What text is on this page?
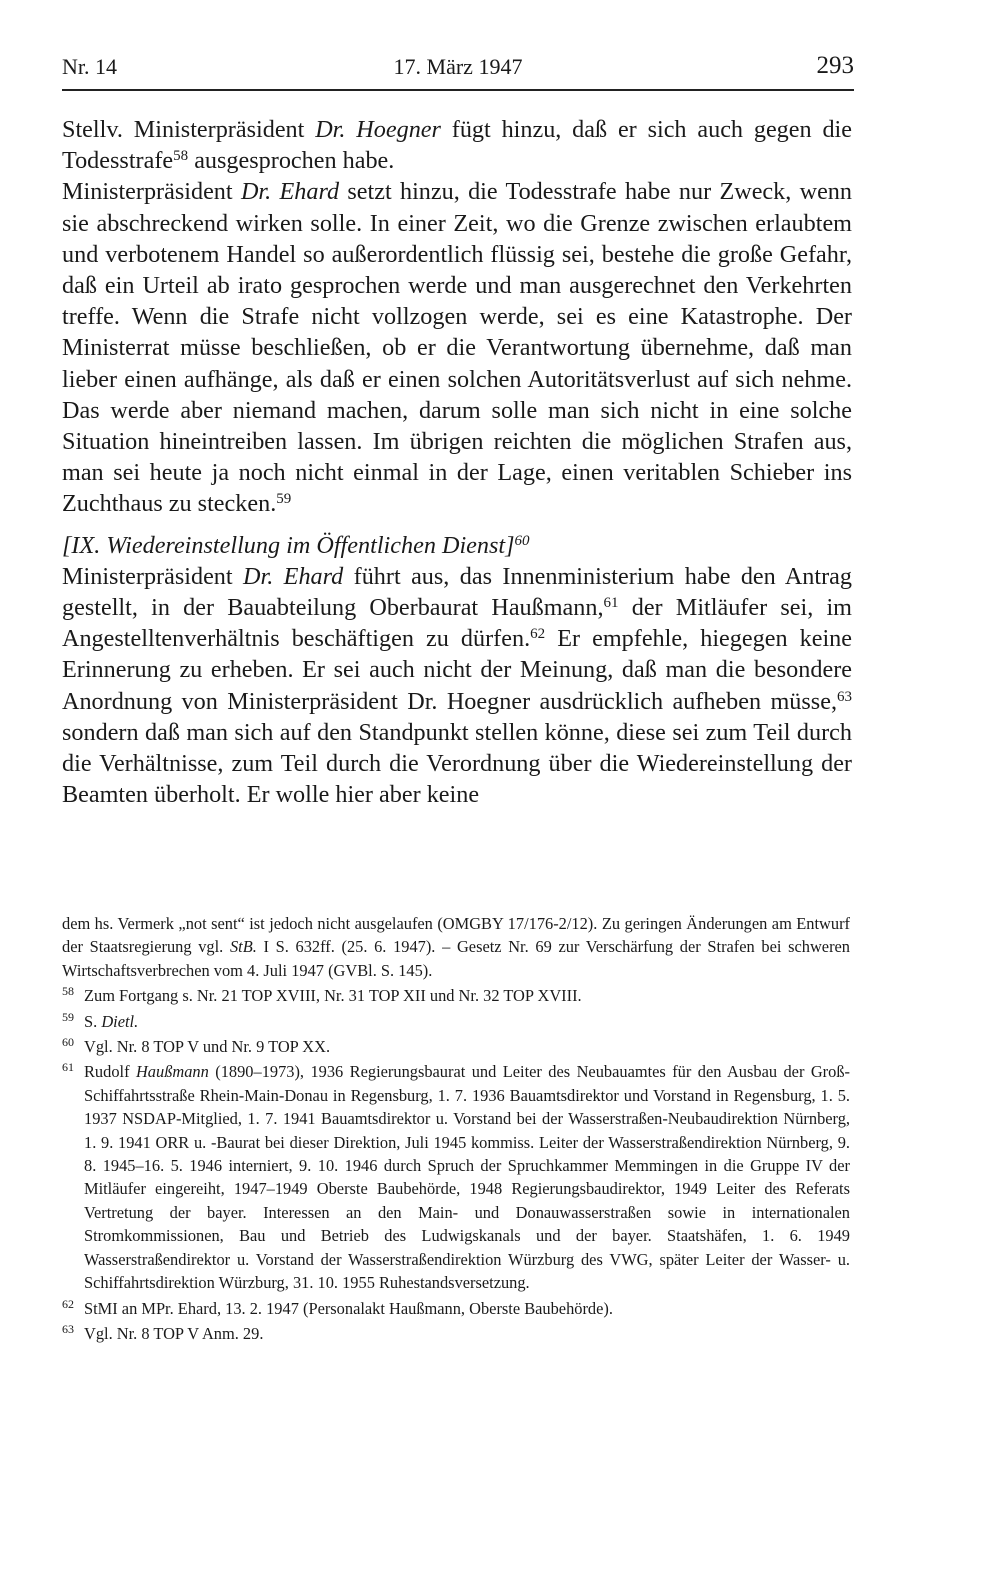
Nr. 14	17. März 1947	293

Stellv. Ministerpräsident Dr. Hoegner fügt hinzu, daß er sich auch gegen die Todesstrafe$^{58}$ ausgesprochen habe.

Ministerpräsident Dr. Ehard setzt hinzu, die Todesstrafe habe nur Zweck, wenn sie abschreckend wirken solle. In einer Zeit, wo die Grenze zwischen erlaubtem und verbotenem Handel so außerordentlich flüssig sei, bestehe die große Gefahr, daß ein Urteil ab irato gesprochen werde und man ausgerechnet den Verkehrten treffe. Wenn die Strafe nicht vollzogen werde, sei es eine Katastrophe. Der Ministerrat müsse beschließen, ob er die Verantwortung übernehme, daß man lieber einen aufhänge, als daß er einen solchen Autoritätsverlust auf sich nehme. Das werde aber niemand machen, darum solle man sich nicht in eine solche Situation hineintreiben lassen. Im übrigen reichten die möglichen Strafen aus, man sei heute ja noch nicht einmal in der Lage, einen veritablen Schieber ins Zuchthaus zu stecken.$^{59}$

[IX. Wiedereinstellung im Öffentlichen Dienst]$^{60}$

Ministerpräsident Dr. Ehard führt aus, das Innenministerium habe den Antrag gestellt, in der Bauabteilung Oberbaurat Haußmann,$^{61}$ der Mitläufer sei, im Angestelltenverhältnis beschäftigen zu dürfen.$^{62}$ Er empfehle, hiegegen keine Erinnerung zu erheben. Er sei auch nicht der Meinung, daß man die besondere Anordnung von Ministerpräsident Dr. Hoegner ausdrücklich aufheben müsse,$^{63}$ sondern daß man sich auf den Standpunkt stellen könne, diese sei zum Teil durch die Verhältnisse, zum Teil durch die Verordnung über die Wiedereinstellung der Beamten überholt. Er wolle hier aber keine

dem hs. Vermerk „not sent“ ist jedoch nicht ausgelaufen (OMGBY 17/176-2/12). Zu geringen Änderungen am Entwurf der Staatsregierung vgl. StB. I S. 632ff. (25. 6. 1947). – Gesetz Nr. 69 zur Verschärfung der Strafen bei schweren Wirtschaftsverbrechen vom 4. Juli 1947 (GVBl. S. 145).

58 Zum Fortgang s. Nr. 21 TOP XVIII, Nr. 31 TOP XII und Nr. 32 TOP XVIII.

59 S. Dietl.

60 Vgl. Nr. 8 TOP V und Nr. 9 TOP XX.

61 Rudolf Haußmann (1890–1973), 1936 Regierungsbaurat und Leiter des Neubauamtes für den Ausbau der Groß-Schiffahrtsstraße Rhein-Main-Donau in Regensburg, 1. 7. 1936 Bauamtsdirektor und Vorstand in Regensburg, 1. 5. 1937 NSDAP-Mitglied, 1. 7. 1941 Bauamtsdirektor u. Vorstand bei der Wasserstraßen-Neubaudirektion Nürnberg, 1. 9. 1941 ORR u. -Baurat bei dieser Direktion, Juli 1945 kommiss. Leiter der Wasserstraßendirektion Nürnberg, 9. 8. 1945–16. 5. 1946 interniert, 9. 10. 1946 durch Spruch der Spruchkammer Memmingen in die Gruppe IV der Mitläufer eingereiht, 1947–1949 Oberste Baubehörde, 1948 Regierungsbaudirektor, 1949 Leiter des Referats Vertretung der bayer. Interessen an den Main- und Donauwasserstraßen sowie in internationalen Stromkommissionen, Bau und Betrieb des Ludwigskanals und der bayer. Staatshäfen, 1. 6. 1949 Wasserstraßendirektor u. Vorstand der Wasserstraßendirektion Würzburg des VWG, später Leiter der Wasser- u. Schiffahrtsdirektion Würzburg, 31. 10. 1955 Ruhestandsversetzung.

62 StMI an MPr. Ehard, 13. 2. 1947 (Personalakt Haußmann, Oberste Baubehörde).

63 Vgl. Nr. 8 TOP V Anm. 29.
